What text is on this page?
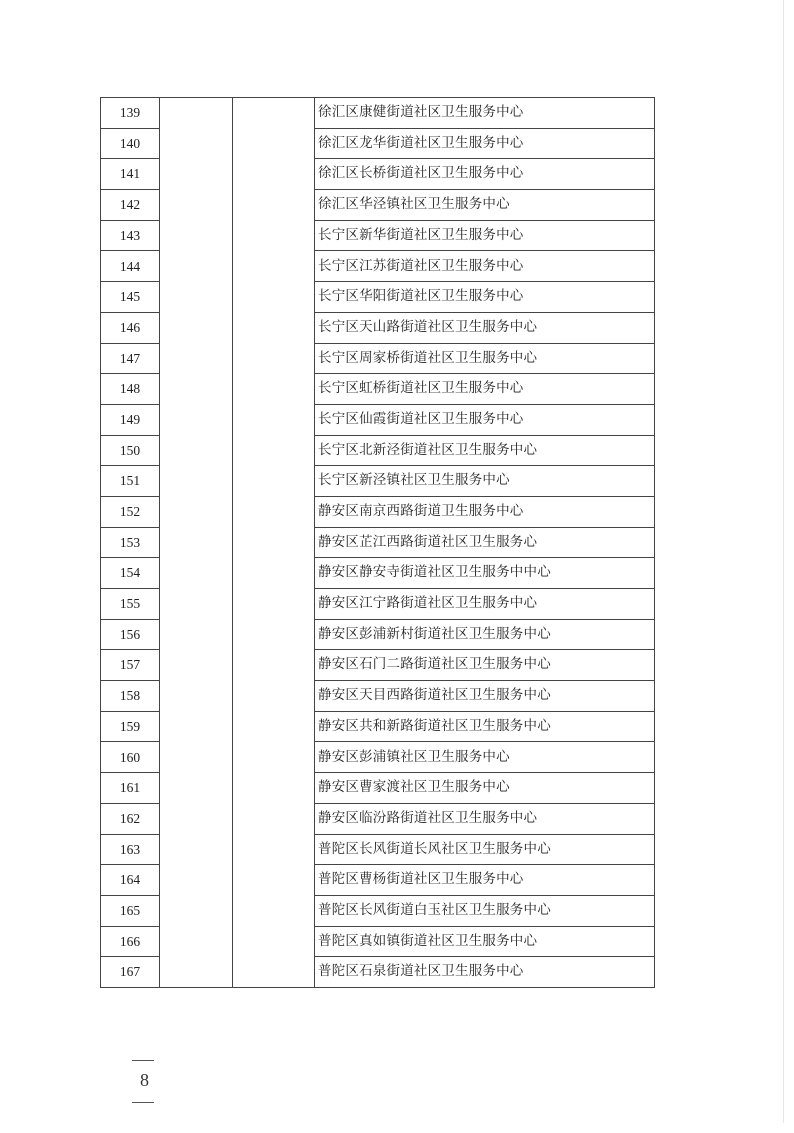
139			徐汇区康健街道社区卫生服务中心
140			徐汇区龙华街道社区卫生服务中心
141			徐汇区长桥街道社区卫生服务中心
142			徐汇区华泾镇社区卫生服务中心
143			长宁区新华街道社区卫生服务中心
144			长宁区江苏街道社区卫生服务中心
145			长宁区华阳街道社区卫生服务中心
146			长宁区天山路街道社区卫生服务中心
147			长宁区周家桥街道社区卫生服务中心
148			长宁区虹桥街道社区卫生服务中心
149			长宁区仙霞街道社区卫生服务中心
150			长宁区北新泾街道社区卫生服务中心
151			长宁区新泾镇社区卫生服务中心
152			静安区南京西路街道卫生服务中心
153			静安区芷江西路街道社区卫生服务心
154			静安区静安寺街道社区卫生服务中中心
155			静安区江宁路街道社区卫生服务中心
156			静安区彭浦新村街道社区卫生服务中心
157			静安区石门二路街道社区卫生服务中心
158			静安区天目西路街道社区卫生服务中心
159			静安区共和新路街道社区卫生服务中心
160			静安区彭浦镇社区卫生服务中心
161			静安区曹家渡社区卫生服务中心
162			静安区临汾路街道社区卫生服务中心
163			普陀区长风街道长风社区卫生服务中心
164			普陀区曹杨街道社区卫生服务中心
165			普陀区长风街道白玉社区卫生服务中心
166			普陀区真如镇街道社区卫生服务中心
167			普陀区石泉街道社区卫生服务中心

8
